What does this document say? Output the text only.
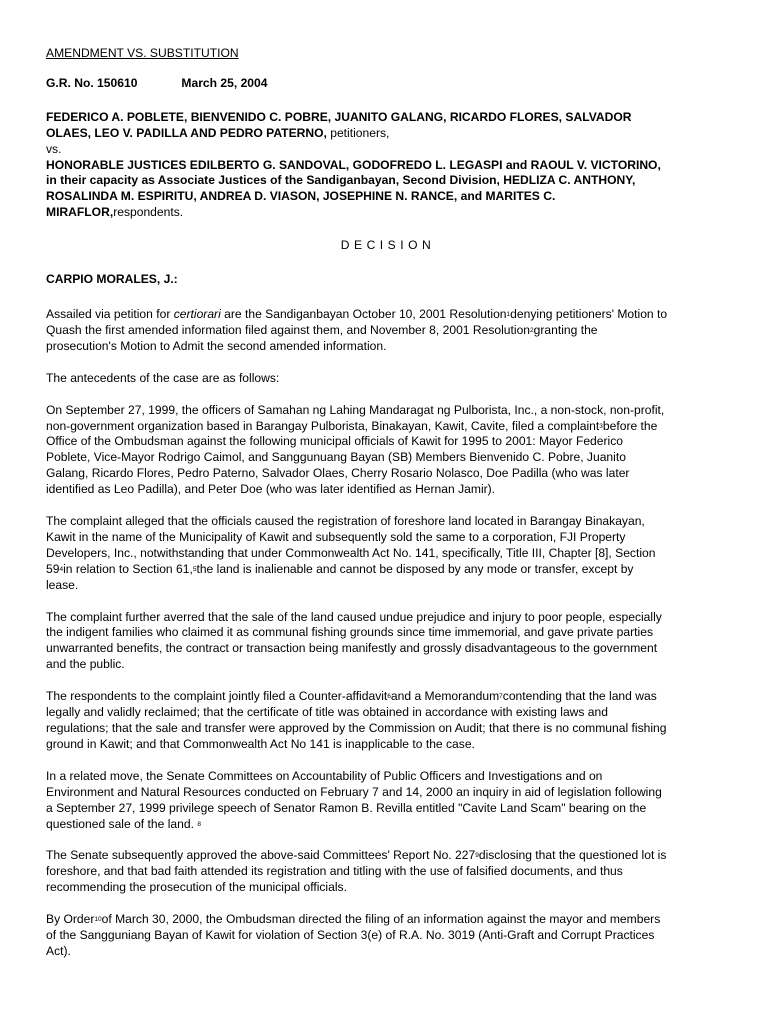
AMENDMENT VS. SUBSTITUTION
G.R. No. 150610	March 25, 2004
FEDERICO A. POBLETE, BIENVENIDO C. POBRE, JUANITO GALANG, RICARDO FLORES, SALVADOR
OLAES, LEO V. PADILLA AND PEDRO PATERNO, petitioners,
vs.
HONORABLE JUSTICES EDILBERTO G. SANDOVAL, GODOFREDO L. LEGASPI and RAOUL V. VICTORINO,
in their capacity as Associate Justices of the Sandiganbayan, Second Division, HEDLIZA C. ANTHONY,
ROSALINDA M. ESPIRITU, ANDREA D. VIASON, JOSEPHINE N. RANCE, and MARITES C.
MIRAFLOR,respondents.
DECISION
CARPIO MORALES, J.:
Assailed via petition for certiorari are the Sandiganbayan October 10, 2001 Resolution$^1$denying petitioners' Motion to
Quash the first amended information filed against them, and November 8, 2001 Resolution$^2$granting the
prosecution's Motion to Admit the second amended information.
The antecedents of the case are as follows:
On September 27, 1999, the officers of Samahan ng Lahing Mandaragat ng Pulborista, Inc., a non-stock, non-profit,
non-government organization based in Barangay Pulborista, Binakayan, Kawit, Cavite, filed a complaint$^3$before the
Office of the Ombudsman against the following municipal officials of Kawit for 1995 to 2001: Mayor Federico
Poblete, Vice-Mayor Rodrigo Caimol, and Sanggunuang Bayan (SB) Members Bienvenido C. Pobre, Juanito
Galang, Ricardo Flores, Pedro Paterno, Salvador Olaes, Cherry Rosario Nolasco, Doe Padilla (who was later
identified as Leo Padilla), and Peter Doe (who was later identified as Hernan Jamir).
The complaint alleged that the officials caused the registration of foreshore land located in Barangay Binakayan,
Kawit in the name of the Municipality of Kawit and subsequently sold the same to a corporation, FJI Property
Developers, Inc., notwithstanding that under Commonwealth Act No. 141, specifically, Title III, Chapter [8], Section
59$^4$in relation to Section 61,$^5$the land is inalienable and cannot be disposed by any mode or transfer, except by
lease.
The complaint further averred that the sale of the land caused undue prejudice and injury to poor people, especially
the indigent families who claimed it as communal fishing grounds since time immemorial, and gave private parties
unwarranted benefits, the contract or transaction being manifestly and grossly disadvantageous to the government
and the public.
The respondents to the complaint jointly filed a Counter-affidavit$^6$and a Memorandum$^7$contending that the land was
legally and validly reclaimed; that the certificate of title was obtained in accordance with existing laws and
regulations; that the sale and transfer were approved by the Commission on Audit; that there is no communal fishing
ground in Kawit; and that Commonwealth Act No 141 is inapplicable to the case.
In a related move, the Senate Committees on Accountability of Public Officers and Investigations and on
Environment and Natural Resources conducted on February 7 and 14, 2000 an inquiry in aid of legislation following
a September 27, 1999 privilege speech of Senator Ramon B. Revilla entitled "Cavite Land Scam" bearing on the
questioned sale of the land. $^8$
The Senate subsequently approved the above-said Committees' Report No. 227$^9$disclosing that the questioned lot is
foreshore, and that bad faith attended its registration and titling with the use of falsified documents, and thus
recommending the prosecution of the municipal officials.
By Order$^{10}$of March 30, 2000, the Ombudsman directed the filing of an information against the mayor and members
of the Sangguniang Bayan of Kawit for violation of Section 3(e) of R.A. No. 3019 (Anti-Graft and Corrupt Practices
Act).
